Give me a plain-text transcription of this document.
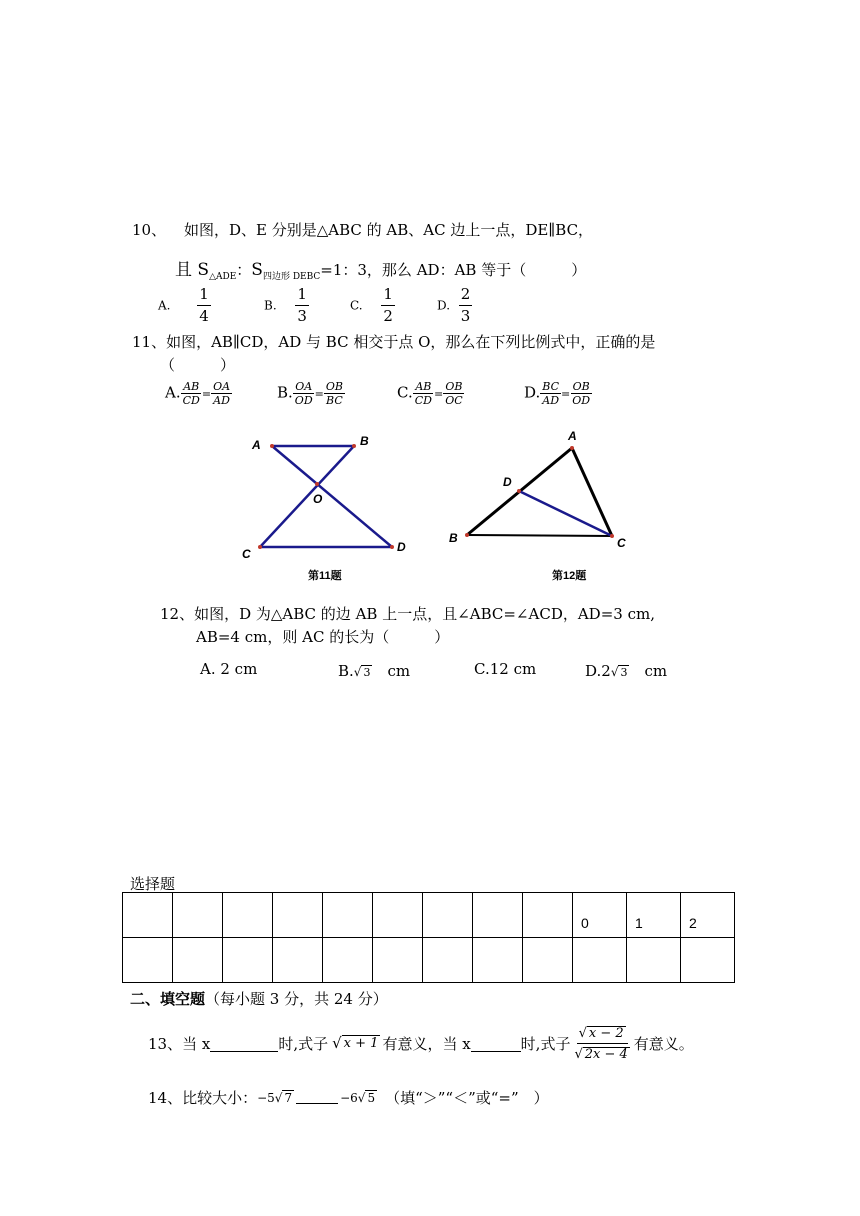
10、 如图，D、E 分别是△ABC 的 AB、AC 边上一点，DE∥BC，
且 $S_{\triangle ADE}$：$S_{四边形 DEBC}=1$：3，那么 AD：AB 等于（　　　）
A. $\frac{1}{4}$	B. $\frac{1}{3}$	C. $\frac{1}{2}$	D. $\frac{2}{3}$
11、如图，AB∥CD，AD 与 BC 相交于点 O，那么在下列比例式中，正确的是
（　　　）
A. $\frac{AB}{CD} = \frac{OA}{AD}$	B. $\frac{OA}{OD} = \frac{OB}{BC}$	C. $\frac{AB}{CD} = \frac{OB}{OC}$	D. $\frac{BC}{AD} = \frac{OB}{OD}$
A	B
O
C	D
第11题
A
D
B	C
第12题
12、如图，D 为△ABC 的边 AB 上一点，且∠ABC=∠ACD，AD=3 cm,
AB=4 cm，则 AC 的长为（　　　）
A. 2 cm	B.√ 3　cm	C.12 cm	D.2√ 3　cm
选择题

									0	1	2

二、填空题（每小题 3 分，共 24 分）
13、当 x	时,式子 √ x + 1 有意义，当 x	时,式子 $\frac{√ x - 2}{√ 2x - 4}$ 有意义。
14、比较大小： −5 √ 7	−6 √ 5 （填“＞”“＜”或“=”　）
